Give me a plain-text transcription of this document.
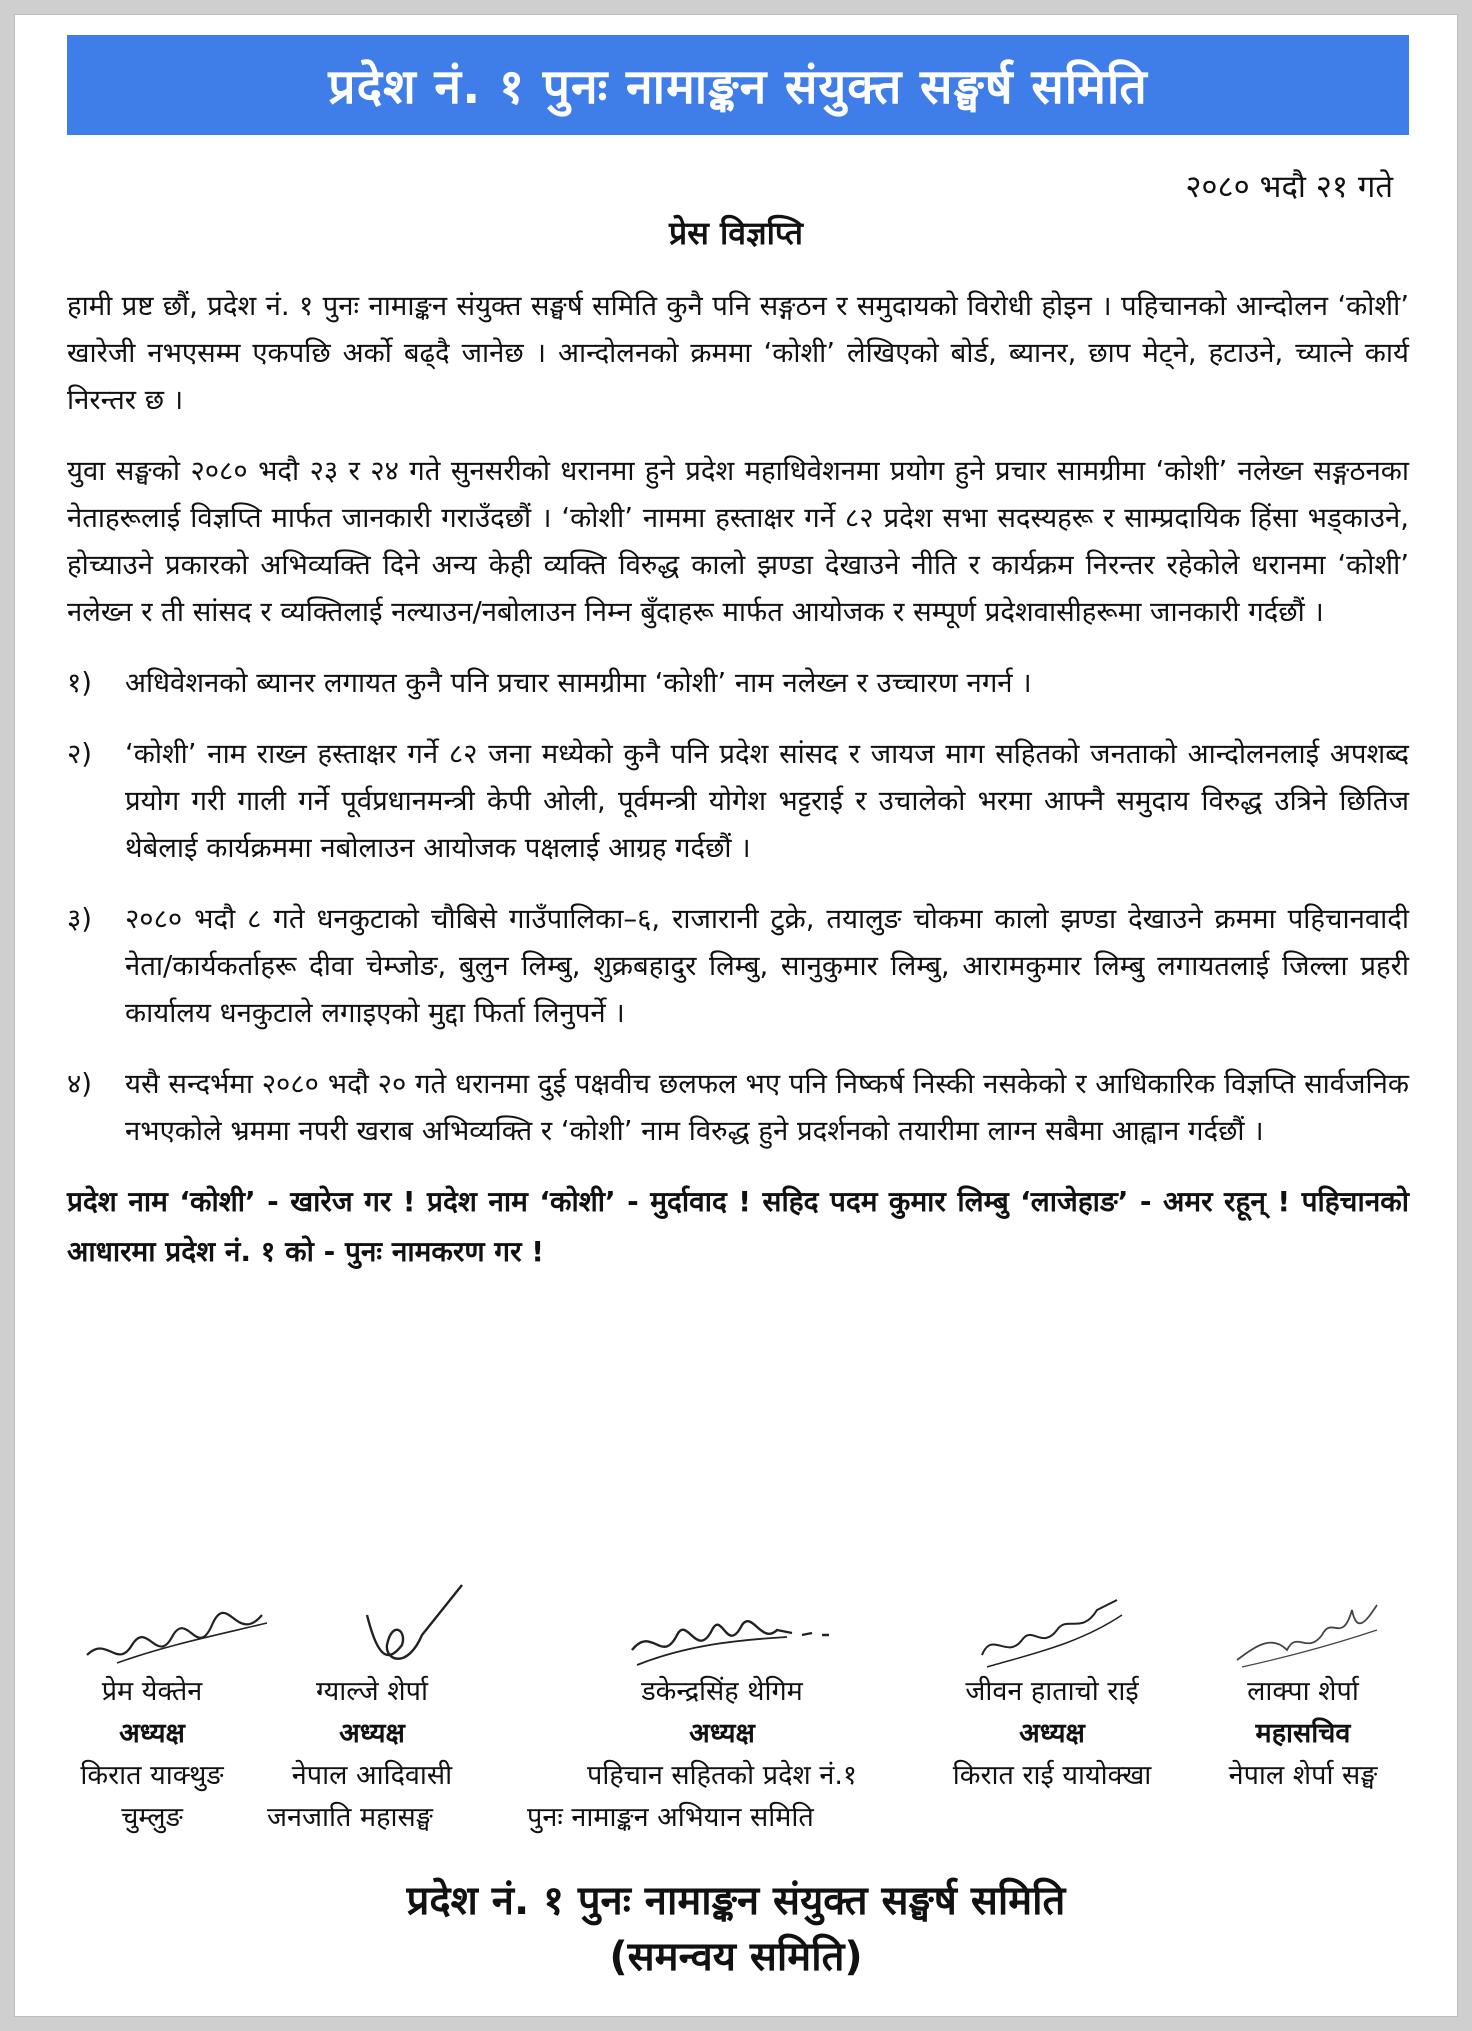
प्रदेश नं. १ पुनः नामाङ्कन संयुक्त सङ्घर्ष समिति
२०८० भदौ २१ गते
प्रेस विज्ञप्ति

हामी प्रष्ट छौं, प्रदेश नं. १ पुनः नामाङ्कन संयुक्त सङ्घर्ष समिति कुनै पनि सङ्गठन र समुदायको विरोधी होइन । पहिचानको आन्दोलन ‘कोशी’ खारेजी नभएसम्म एकपछि अर्को बढ्दै जानेछ । आन्दोलनको क्रममा ‘कोशी’ लेखिएको बोर्ड, ब्यानर, छाप मेट्ने, हटाउने, च्यात्ने कार्य निरन्तर छ ।

युवा सङ्घको २०८० भदौ २३ र २४ गते सुनसरीको धरानमा हुने प्रदेश महाधिवेशनमा प्रयोग हुने प्रचार सामग्रीमा ‘कोशी’ नलेख्न सङ्गठनका नेताहरूलाई विज्ञप्ति मार्फत जानकारी गराउँदछौं । ‘कोशी’ नाममा हस्ताक्षर गर्ने ८२ प्रदेश सभा सदस्यहरू र साम्प्रदायिक हिंसा भड्काउने, होच्याउने प्रकारको अभिव्यक्ति दिने अन्य केही व्यक्ति विरुद्ध कालो झण्डा देखाउने नीति र कार्यक्रम निरन्तर रहेकोले धरानमा ‘कोशी’ नलेख्न र ती सांसद र व्यक्तिलाई नल्याउन/नबोलाउन निम्न बुँदाहरू मार्फत आयोजक र सम्पूर्ण प्रदेशवासीहरूमा जानकारी गर्दछौं ।

१)	अधिवेशनको ब्यानर लगायत कुनै पनि प्रचार सामग्रीमा ‘कोशी’ नाम नलेख्न र उच्चारण नगर्न ।
२)	‘कोशी’ नाम राख्न हस्ताक्षर गर्ने ८२ जना मध्येको कुनै पनि प्रदेश सांसद र जायज माग सहितको जनताको आन्दोलनलाई अपशब्द प्रयोग गरी गाली गर्ने पूर्वप्रधानमन्त्री केपी ओली, पूर्वमन्त्री योगेश भट्टराई र उचालेको भरमा आफ्नै समुदाय विरुद्ध उत्रिने छितिज थेबेलाई कार्यक्रममा नबोलाउन आयोजक पक्षलाई आग्रह गर्दछौं ।
३)	२०८० भदौ ८ गते धनकुटाको चौबिसे गाउँपालिका–६, राजारानी टुक्रे, तयालुङ चोकमा कालो झण्डा देखाउने क्रममा पहिचानवादी नेता/कार्यकर्ताहरू दीवा चेम्जोङ, बुलुन लिम्बु, शुक्रबहादुर लिम्बु, सानुकुमार लिम्बु, आरामकुमार लिम्बु लगायतलाई जिल्ला प्रहरी कार्यालय धनकुटाले लगाइएको मुद्दा फिर्ता लिनुपर्ने ।
४)	यसै सन्दर्भमा २०८० भदौ २० गते धरानमा दुई पक्षवीच छलफल भए पनि निष्कर्ष निस्की नसकेको र आधिकारिक विज्ञप्ति सार्वजनिक नभएकोले भ्रममा नपरी खराब अभिव्यक्ति र ‘कोशी’ नाम विरुद्ध हुने प्रदर्शनको तयारीमा लाग्न सबैमा आह्वान गर्दछौं ।
प्रदेश नाम ‘कोशी’ - खारेज गर ! प्रदेश नाम ‘कोशी’ - मुर्दावाद ! सहिद पदम कुमार लिम्बु ‘लाजेहाङ’ - अमर रहून् ! पहिचानको आधारमा प्रदेश नं. १ को - पुनः नामकरण गर !
प्रेम येक्तेन
अध्यक्ष
किरात याक्थुङ
चुम्लुङ
ग्याल्जे शेर्पा
अध्यक्ष
नेपाल आदिवासी
जनजाति महासङ्घ
डकेन्द्रसिंह थेगिम
अध्यक्ष
पहिचान सहितको प्रदेश नं.१
पुनः नामाङ्कन अभियान समिति
जीवन हाताचो राई
अध्यक्ष
किरात राई यायोक्खा
लाक्पा शेर्पा
महासचिव
नेपाल शेर्पा सङ्घ
प्रदेश नं. १ पुनः नामाङ्कन संयुक्त सङ्घर्ष समिति
(समन्वय समिति)
